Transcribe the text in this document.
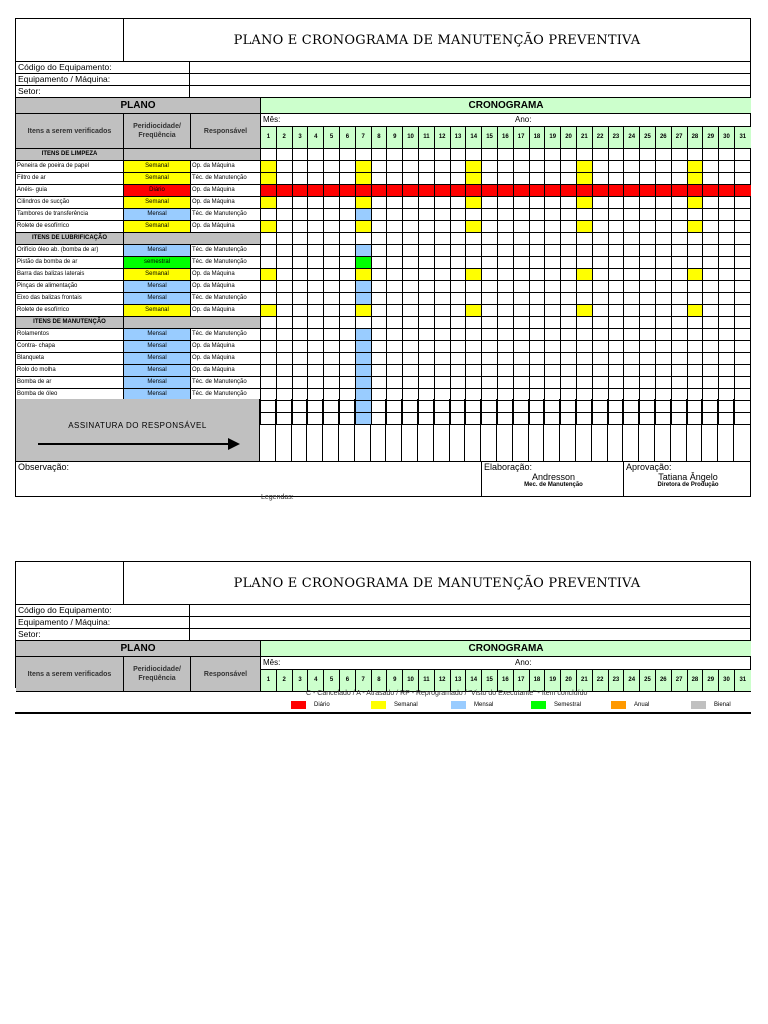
PLANO E CRONOGRAMA DE MANUTENÇÃO PREVENTIVA
Código do Equipamento:
Equipamento / Máquina:
Setor:
PLANO
Itens a serem verificados
Peridiocidade/ Freqüência
Responsável
ITENS DE LIMPEZA
Peneira de poeira de papel	Semanal	Op. da Máquina
Filtro de ar	Semanal	Téc. de Manutenção
Anéis- guia	Diário	Op. da Máquina
Cilindros de sucção	Semanal	Op. da Máquina
Tambores de transferência	Mensal	Téc. de Manutenção
Rolete de esofírrico	Semanal	Op. da Máquina
ITENS DE LUBRIFICAÇÃO
Orifício óleo ab. (bomba de ar)	Mensal	Téc. de Manutenção
Pistão da bomba de ar	semestral	Téc. de Manutenção
Barra das balizas laterais	Semanal	Op. da Máquina
Pinças de alimentação	Mensal	Op. da Máquina
Eixo das balizas frontais	Mensal	Téc. de Manutenção
Rolete de esofírrico	Semanal	Op. da Máquina
ITENS DE MANUTENÇÃO
Rolamentos	Mensal	Téc. de Manutenção
Contra- chapa	Mensal	Op. da Máquina
Blanqueta	Mensal	Op. da Máquina
Rolo do molha	Mensal	Op. da Máquina
Bomba de ar	Mensal	Téc. de Manutenção
Bomba de óleo	Mensal	Téc. de Manutenção
CRONOGRAMA
Mês:	Ano:
1	2	3	4	5	6	7	8	9	10	11	12	13	14	15	16	17	18	19	20	21	22	23	24	25	26	27	28	29	30	31
ASSINATURA DO RESPONSÁVEL
Observação:	Elaboração:
Andresson
Mec. de Manutenção
Aprovação:
Tatiana Ângelo
Diretora de Produção
Legendas:
PLANO E CRONOGRAMA DE MANUTENÇÃO PREVENTIVA
Código do Equipamento:
Equipamento / Máquina:
Setor:
PLANO
Itens a serem verificados
Peridiocidade/ Freqüência
Responsável
CRONOGRAMA
Mês:	Ano:
1	2	3	4	5	6	7	8	9	10	11	12	13	14	15	16	17	18	19	20	21	22	23	24	25	26	27	28	29	30	31
C - Cancelado / A - Atrasado / RP - Reprogramado / "Visto do Executante" - Item concluído
Diário	Semanal	Mensal	Semestral	Anual	Bienal
